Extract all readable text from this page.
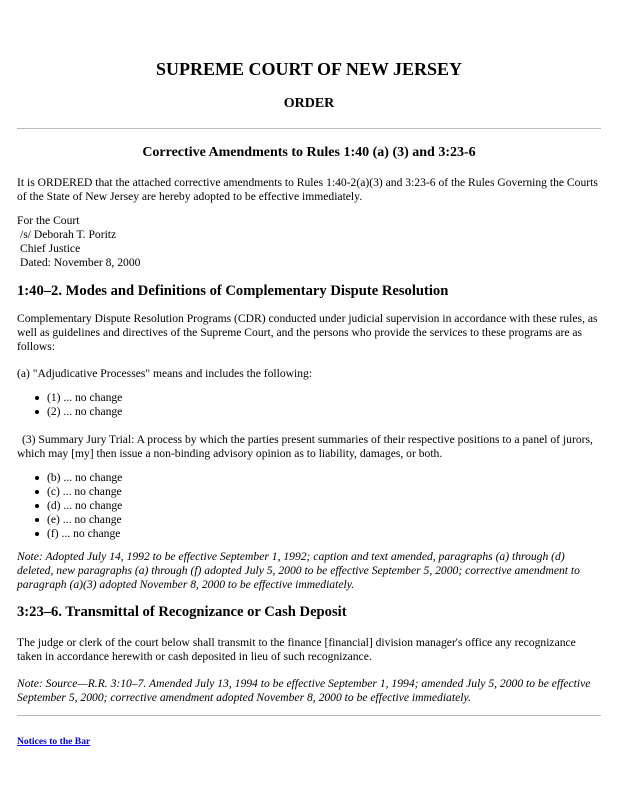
SUPREME COURT OF NEW JERSEY
ORDER
Corrective Amendments to Rules 1:40 (a) (3) and 3:23-6

It is ORDERED that the attached corrective amendments to Rules 1:40-2(a)(3) and 3:23-6 of the Rules Governing the Courts of the State of New Jersey are hereby adopted to be effective immediately.

For the Court
/s/ Deborah T. Poritz
Chief Justice
Dated: November 8, 2000
1:40–2. Modes and Definitions of Complementary Dispute Resolution

Complementary Dispute Resolution Programs (CDR) conducted under judicial supervision in accordance with these rules, as well as guidelines and directives of the Supreme Court, and the persons who provide the services to these programs are as follows:

(a) "Adjudicative Processes" means and includes the following:

(1) ... no change
(2) ... no change

(3) Summary Jury Trial: A process by which the parties present summaries of their respective positions to a panel of jurors, which may [my] then issue a non-binding advisory opinion as to liability, damages, or both.

(b) ... no change
(c) ... no change
(d) ... no change
(e) ... no change
(f) ... no change

Note: Adopted July 14, 1992 to be effective September 1, 1992; caption and text amended, paragraphs (a) through (d) deleted, new paragraphs (a) through (f) adopted July 5, 2000 to be effective September 5, 2000; corrective amendment to paragraph (a)(3) adopted November 8, 2000 to be effective immediately.

3:23–6. Transmittal of Recognizance or Cash Deposit

The judge or clerk of the court below shall transmit to the finance [financial] division manager's office any recognizance taken in accordance herewith or cash deposited in lieu of such recognizance.

Note: Source—R.R. 3:10–7. Amended July 13, 1994 to be effective September 1, 1994; amended July 5, 2000 to be effective September 5, 2000; corrective amendment adopted November 8, 2000 to be effective immediately.

Notices to the Bar
